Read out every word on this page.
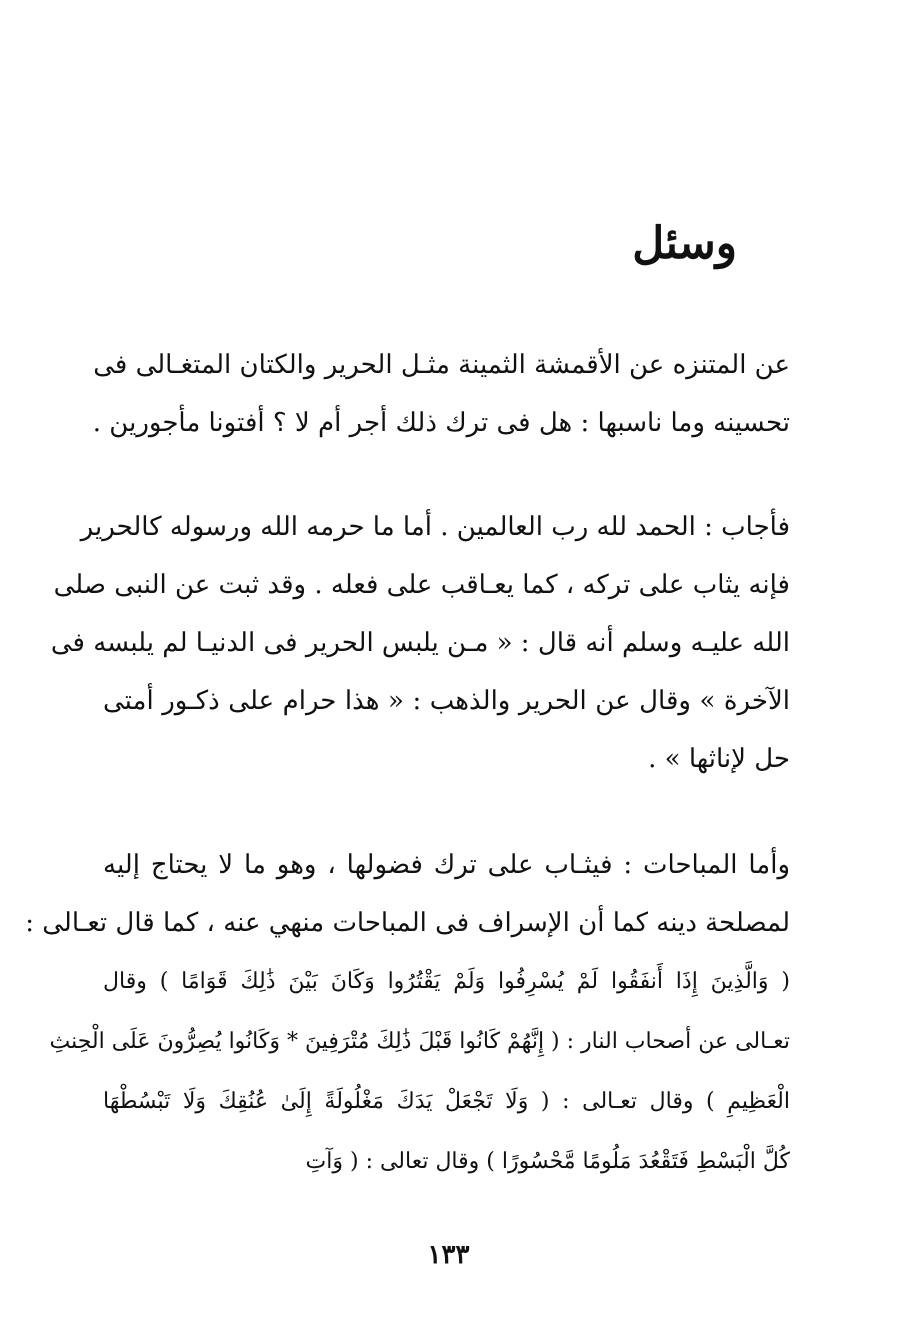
وسئل
عن المتنزه عن الأقمشة الثمينة مثـل الحرير والكتان المتغـالى فى
تحسينه وما ناسبها : هل فى ترك ذلك أجر أم لا ؟ أفتونا مأجورين .
فأجاب : الحمد لله رب العالمين . أما ما حرمه الله ورسوله كالحرير
فإنه يثاب على تركه ، كما يعـاقب على فعله . وقد ثبت عن النبى صلى
الله عليـه وسلم أنه قال : « مـن يلبس الحرير فى الدنيـا لم يلبسه فى
الآخرة » وقال عن الحرير والذهب : « هذا حرام على ذكـور أمتى
حل لإناثها » .
وأما المباحات : فيثـاب على ترك فضولها ، وهو ما لا يحتاج إليه
لمصلحة دينه كما أن الإسراف فى المباحات منهي عنه ، كما قال تعـالى :
( وَالَّذِينَ إِذَا أَنفَقُوا لَمْ يُسْرِفُوا وَلَمْ يَقْتُرُوا وَكَانَ بَيْنَ ذَٰلِكَ قَوَامًا ) وقال
تعـالى عن أصحاب النار : ( إِنَّهُمْ كَانُوا قَبْلَ ذَٰلِكَ مُتْرَفِينَ * وَكَانُوا يُصِرُّونَ عَلَى الْحِنثِ
الْعَظِيمِ ) وقال تعـالى : ( وَلَا تَجْعَلْ يَدَكَ مَغْلُولَةً إِلَىٰ عُنُقِكَ وَلَا تَبْسُطْهَا
كُلَّ الْبَسْطِ فَتَقْعُدَ مَلُومًا مَّحْسُورًا ) وقال تعالى : ( وَآتِ
١٣٣
